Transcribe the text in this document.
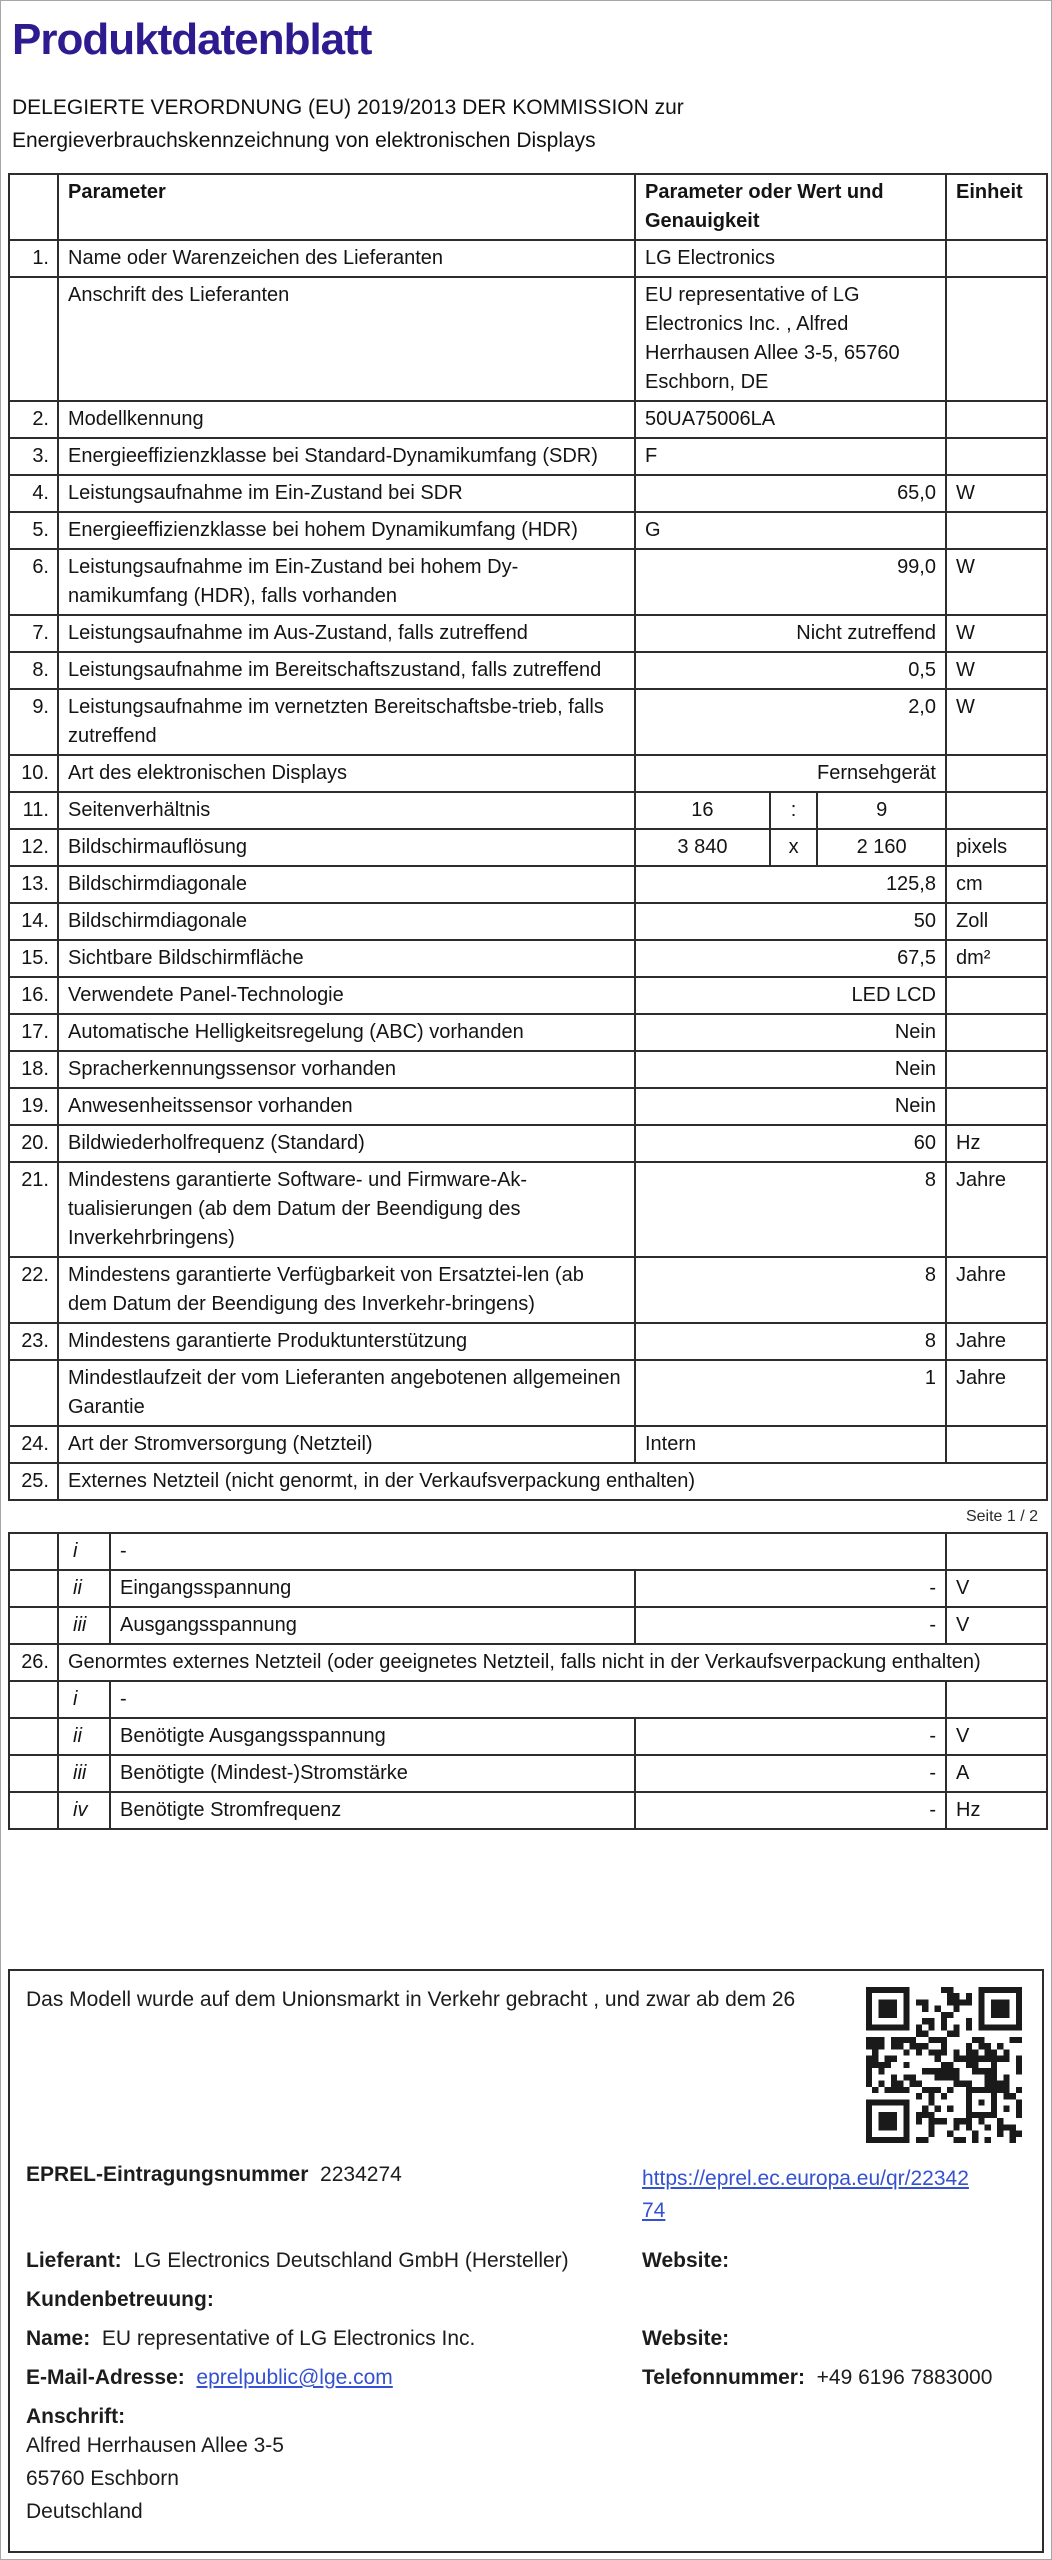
Produktdatenblatt
DELEGIERTE VERORDNUNG (EU) 2019/2013 DER KOMMISSION zur
Energieverbrauchskennzeichnung von elektronischen Displays
	Parameter	Parameter oder Wert und Genauigkeit	Einheit
1.	Name oder Warenzeichen des Lieferanten	LG Electronics	
	Anschrift des Lieferanten	EU representative of LG Electronics Inc. , Alfred Herrhausen Allee 3-5, 65760 Eschborn, DE	
2.	Modellkennung	50UA75006LA	
3.	Energieeffizienzklasse bei Standard-Dynamikumfang (SDR)	F	
4.	Leistungsaufnahme im Ein-Zustand bei SDR	65,0	W
5.	Energieeffizienzklasse bei hohem Dynamikumfang (HDR)	G	
6.	Leistungsaufnahme im Ein-Zustand bei hohem Dy-namikumfang (HDR), falls vorhanden	99,0	W
7.	Leistungsaufnahme im Aus-Zustand, falls zutreffend	Nicht zutreffend	W
8.	Leistungsaufnahme im Bereitschaftszustand, falls zutreffend	0,5	W
9.	Leistungsaufnahme im vernetzten Bereitschaftsbe-trieb, falls zutreffend	2,0	W
10.	Art des elektronischen Displays	Fernsehgerät	
11.	Seitenverhältnis	16 : 9	

12.	Bildschirmauflösung	3 840 x 2 160	pixels
13.	Bildschirmdiagonale	125,8	cm
14.	Bildschirmdiagonale	50	Zoll
15.	Sichtbare Bildschirmfläche	67,5	dm²
16.	Verwendete Panel-Technologie	LED LCD	
17.	Automatische Helligkeitsregelung (ABC) vorhanden	Nein	
18.	Spracherkennungssensor vorhanden	Nein	
19.	Anwesenheitssensor vorhanden	Nein	
20.	Bildwiederholfrequenz (Standard)	60	Hz
21.	Mindestens garantierte Software- und Firmware-Ak-tualisierungen (ab dem Datum der Beendigung des Inverkehrbringens)	8	Jahre
22.	Mindestens garantierte Verfügbarkeit von Ersatztei-len (ab dem Datum der Beendigung des Inverkehr-bringens)	8	Jahre
23.	Mindestens garantierte Produktunterstützung	8	Jahre
	Mindestlaufzeit der vom Lieferanten angebotenen allgemeinen Garantie	1	Jahre
24.	Art der Stromversorgung (Netzteil)	Intern	
25.	Externes Netzteil (nicht genormt, in der Verkaufsverpackung enthalten)		
Seite 1 / 2
	i	-		
	ii	Eingangsspannung	-	V
	iii	Ausgangsspannung	-	V
26.	Genormtes externes Netzteil (oder geeignetes Netzteil, falls nicht in der Verkaufsverpackung enthalten)			
	i	-		
	ii	Benötigte Ausgangsspannung	-	V
	iii	Benötigte (Mindest-)Stromstärke	-	A
	iv	Benötigte Stromfrequenz	-	Hz
Das Modell wurde auf dem Unionsmarkt in Verkehr gebracht , und zwar ab dem 26
EPREL-Eintragungsnummer 2234274	https://eprel.ec.europa.eu/qr/2234274
Lieferant: LG Electronics Deutschland GmbH (Hersteller)	Website:
Kundenbetreuung:
Name: EU representative of LG Electronics Inc.	Website:
E-Mail-Adresse: eprelpublic@lge.com	Telefonnummer: +49 6196 7883000
Anschrift:
Alfred Herrhausen Allee 3-5
65760 Eschborn
Deutschland
